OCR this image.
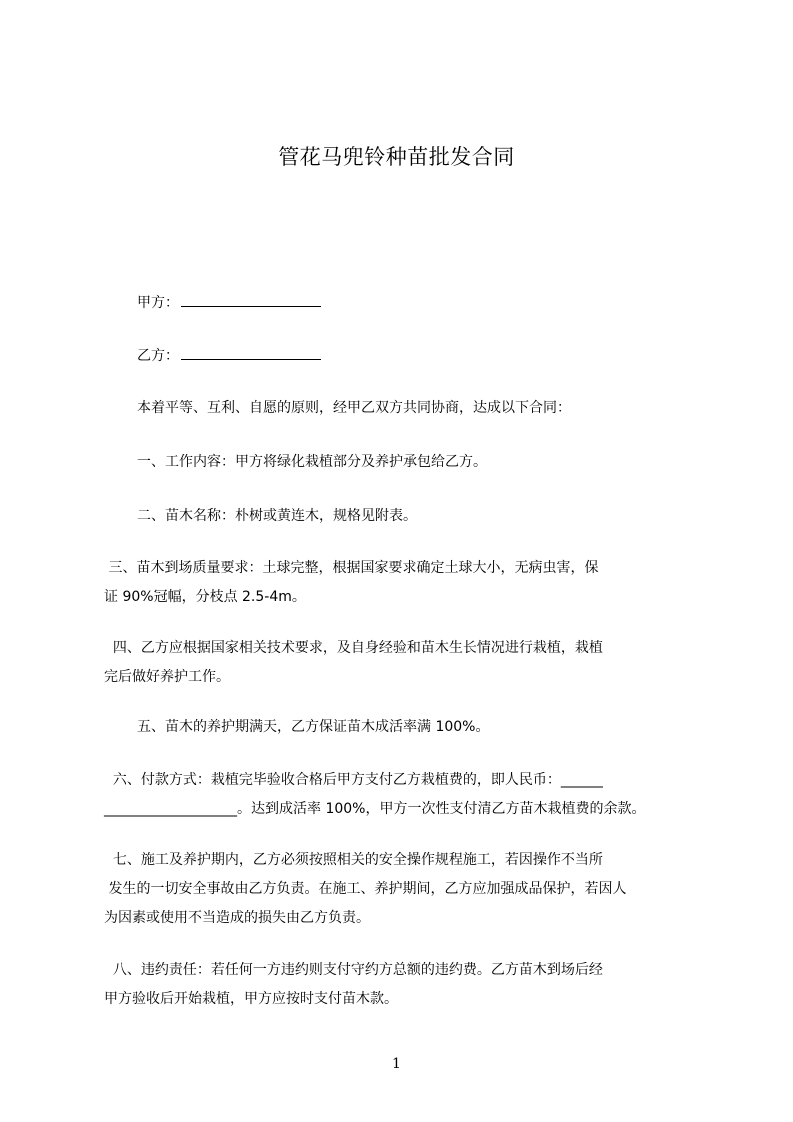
管花马兜铃种苗批发合同
甲方：
乙方：
本着平等、互利、自愿的原则，经甲乙双方共同协商，达成以下合同：
一、工作内容：甲方将绿化栽植部分及养护承包给乙方。
二、苗木名称：朴树或黄连木，规格见附表。
三、苗木到场质量要求：土球完整，根据国家要求确定土球大小，无病虫害，保
证 90%冠幅，分枝点 2.5-4m。
四、乙方应根据国家相关技术要求，及自身经验和苗木生长情况进行栽植，栽植
完后做好养护工作。
五、苗木的养护期满天，乙方保证苗木成活率满 100%。
六、付款方式：栽植完毕验收合格后甲方支付乙方栽植费的，即人民币：______
___________________。达到成活率 100%，甲方一次性支付清乙方苗木栽植费的余款。
七、施工及养护期内，乙方必须按照相关的安全操作规程施工，若因操作不当所
发生的一切安全事故由乙方负责。在施工、养护期间，乙方应加强成品保护，若因人
为因素或使用不当造成的损失由乙方负责。
八、违约责任：若任何一方违约则支付守约方总额的违约费。乙方苗木到场后经
甲方验收后开始栽植，甲方应按时支付苗木款。
1
